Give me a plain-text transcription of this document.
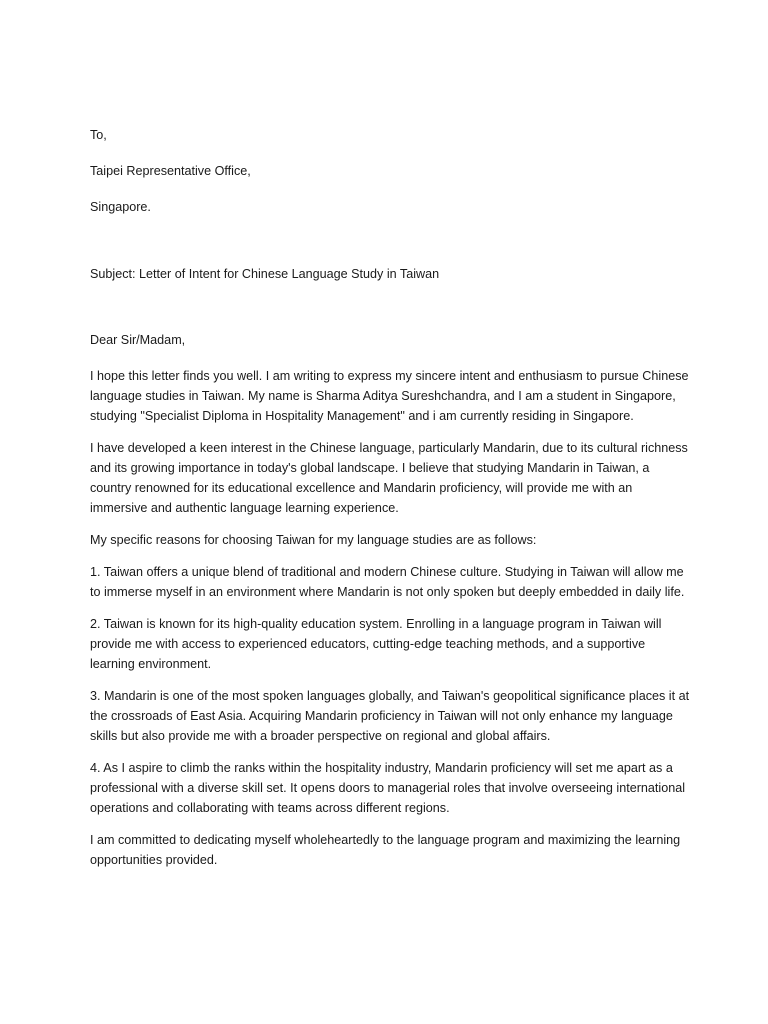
To,

Taipei Representative Office,

Singapore.

Subject: Letter of Intent for Chinese Language Study in Taiwan

Dear Sir/Madam,

I hope this letter finds you well. I am writing to express my sincere intent and enthusiasm to pursue Chinese language studies in Taiwan. My name is Sharma Aditya Sureshchandra, and I am a student in Singapore, studying "Specialist Diploma in Hospitality Management" and i am currently residing in Singapore.

I have developed a keen interest in the Chinese language, particularly Mandarin, due to its cultural richness and its growing importance in today's global landscape. I believe that studying Mandarin in Taiwan, a country renowned for its educational excellence and Mandarin proficiency, will provide me with an immersive and authentic language learning experience.

My specific reasons for choosing Taiwan for my language studies are as follows:

1. Taiwan offers a unique blend of traditional and modern Chinese culture. Studying in Taiwan will allow me to immerse myself in an environment where Mandarin is not only spoken but deeply embedded in daily life.

2. Taiwan is known for its high-quality education system. Enrolling in a language program in Taiwan will provide me with access to experienced educators, cutting-edge teaching methods, and a supportive learning environment.

3. Mandarin is one of the most spoken languages globally, and Taiwan's geopolitical significance places it at the crossroads of East Asia. Acquiring Mandarin proficiency in Taiwan will not only enhance my language skills but also provide me with a broader perspective on regional and global affairs.

4. As I aspire to climb the ranks within the hospitality industry, Mandarin proficiency will set me apart as a professional with a diverse skill set. It opens doors to managerial roles that involve overseeing international operations and collaborating with teams across different regions.

I am committed to dedicating myself wholeheartedly to the language program and maximizing the learning opportunities provided.
